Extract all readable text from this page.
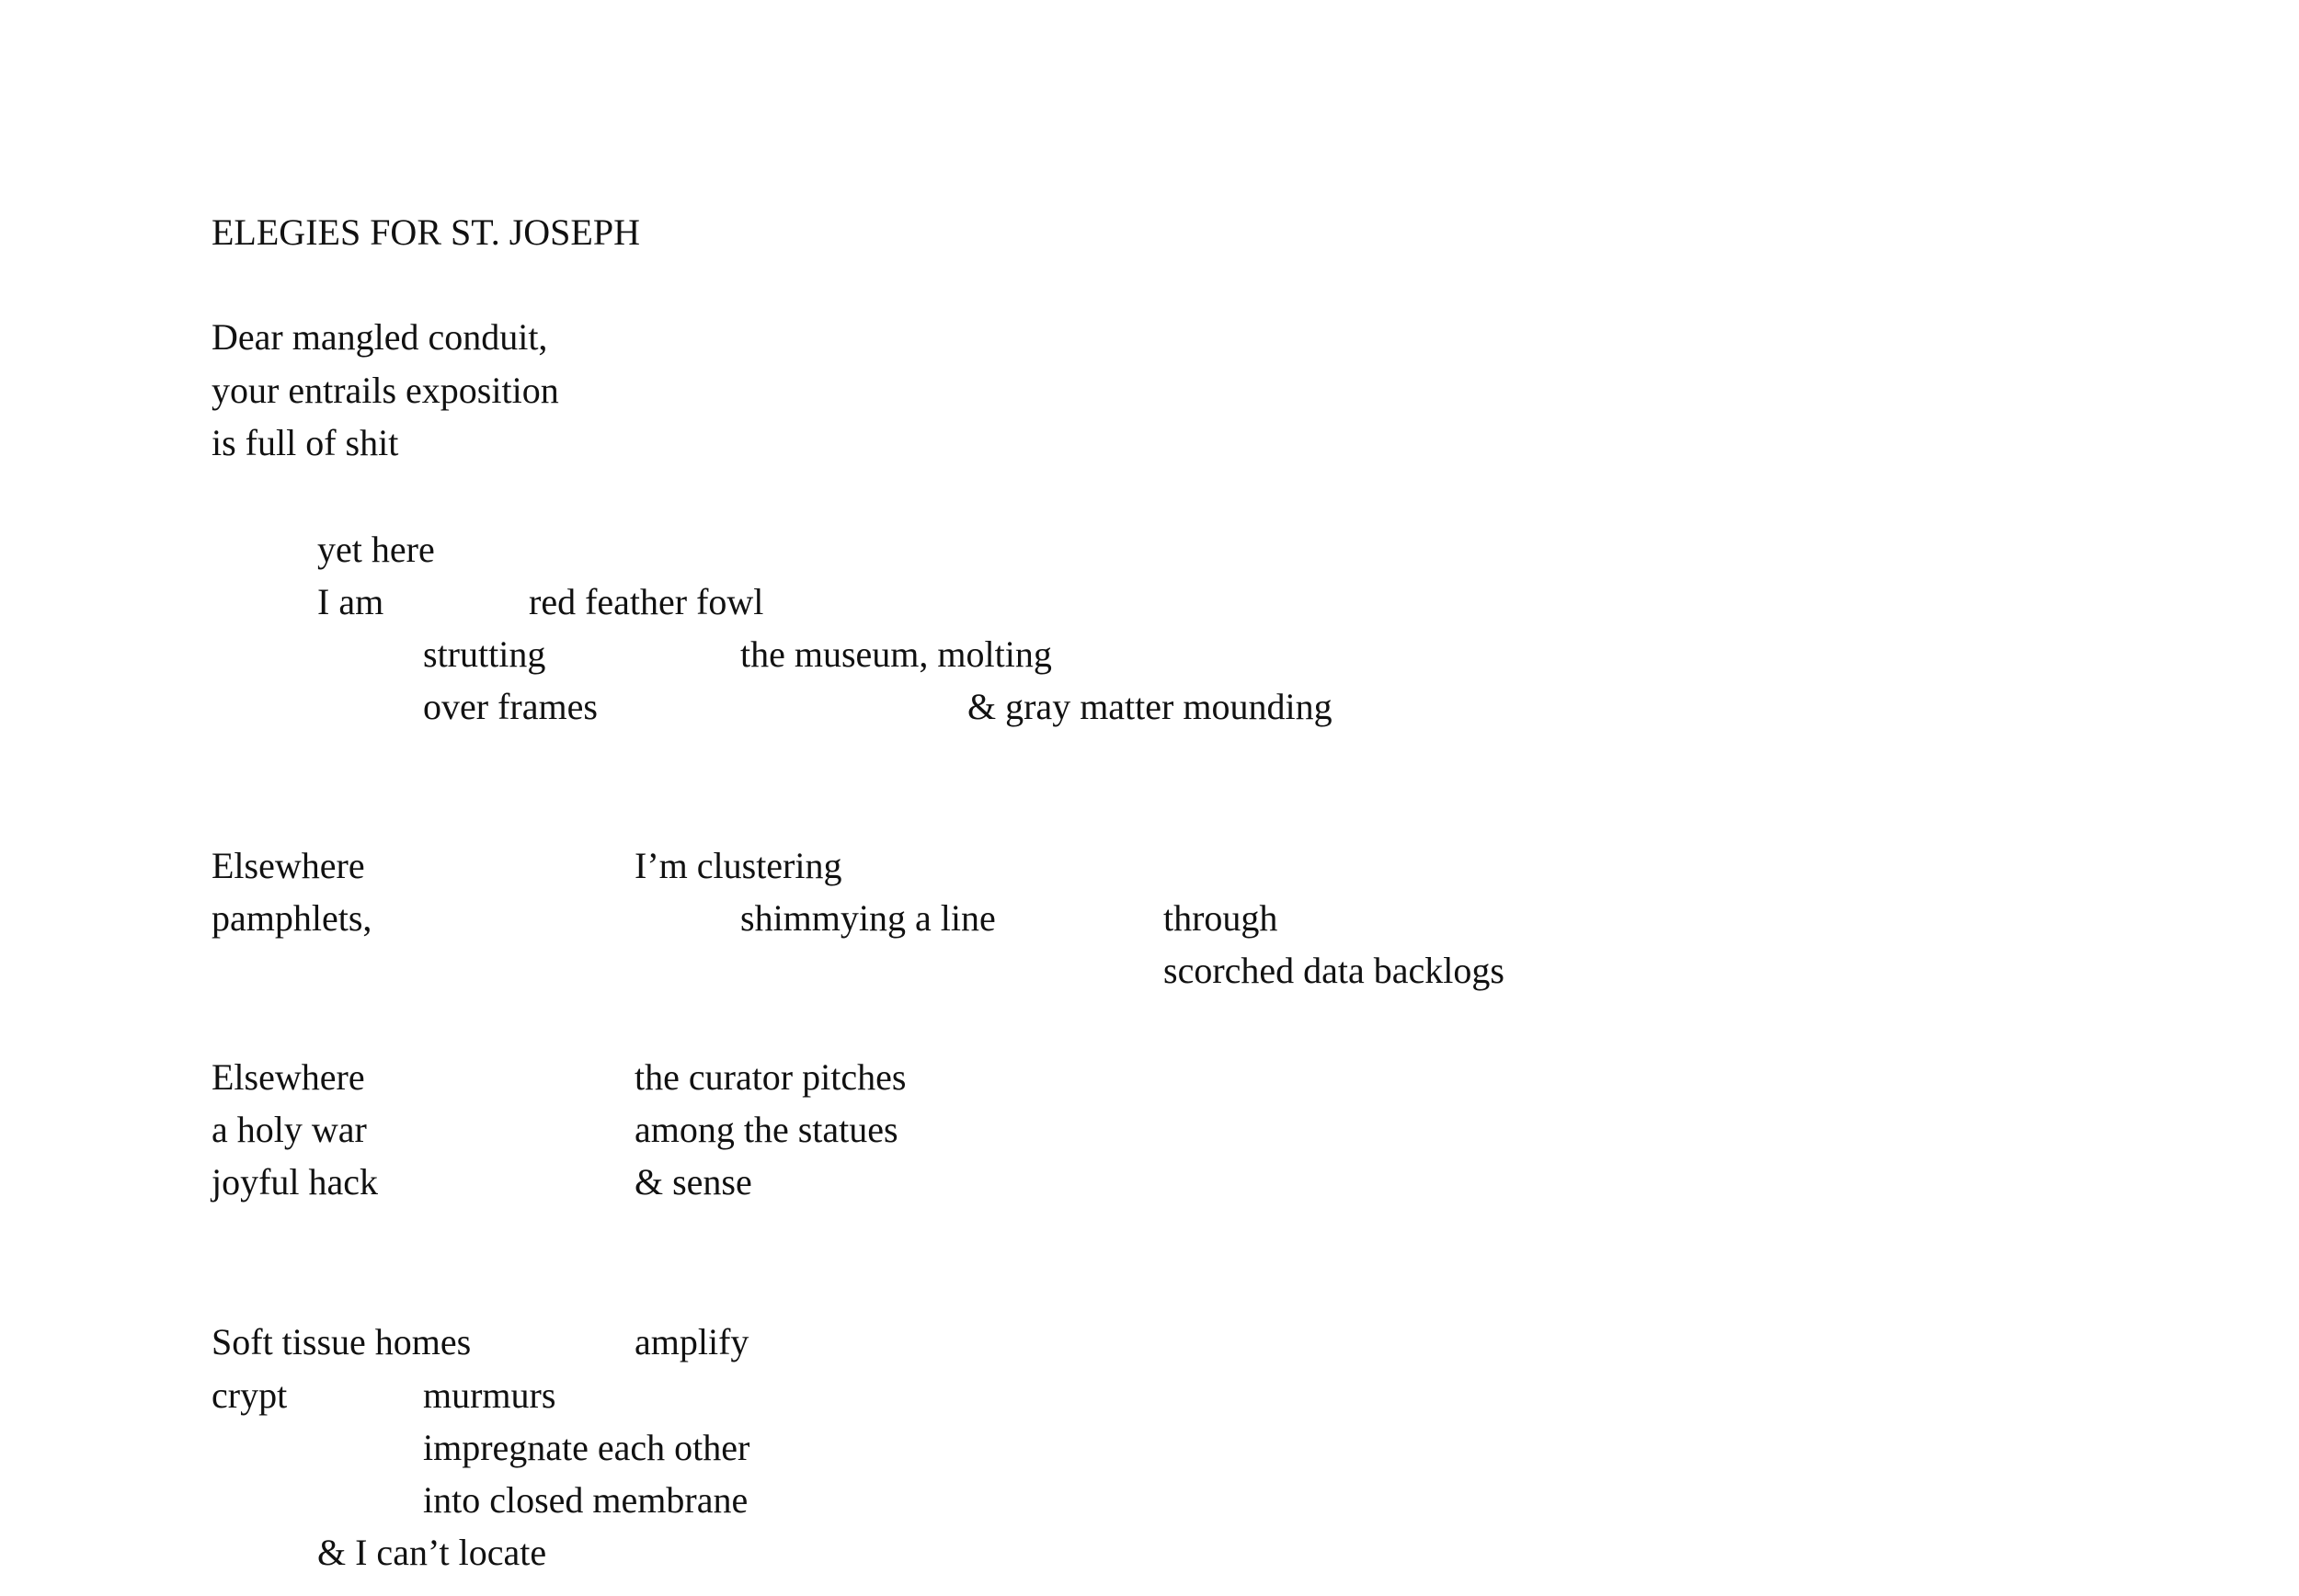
ELEGIES FOR ST. JOSEPH

Dear mangled conduit,

your entrails exposition

is full of shit

yet here

I am	red feather fowl

strutting	the museum, molting

over frames	& gray matter mounding

Elsewhere	I’m clustering

pamphlets,	shimmying a line	through

scorched data backlogs

Elsewhere	the curator pitches

a holy war	among the statues

joyful hack	& sense

Soft tissue homes	amplify

crypt	murmurs

impregnate each other

into closed membrane

& I can’t locate
